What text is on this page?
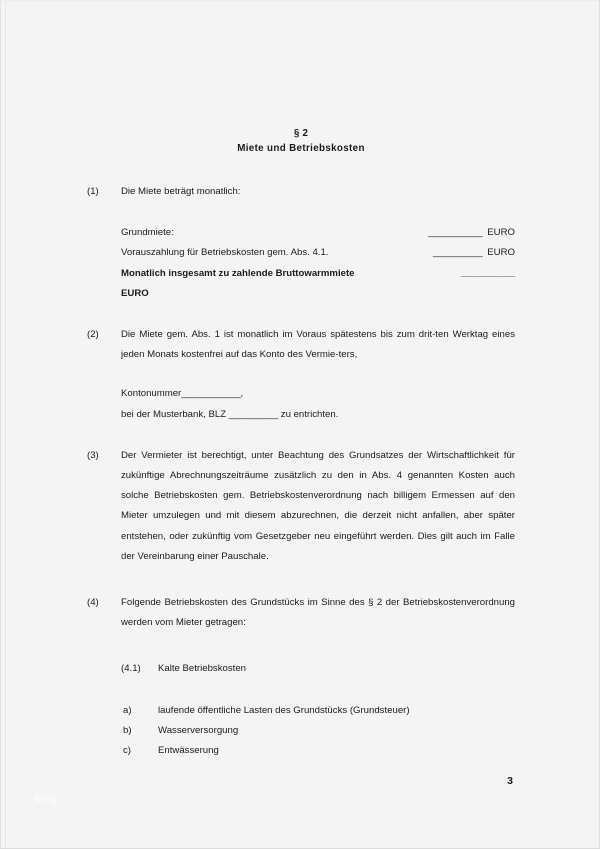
§ 2
Miete und Betriebskosten
(1)	Die Miete beträgt monatlich:
Grundmiete:	___________ EURO
Vorauszahlung für Betriebskosten gem. Abs. 4.1.	__________ EURO
Monatlich insgesamt zu zahlende Bruttowarmmiete	___________
EURO
(2)	Die Miete gem. Abs. 1 ist monatlich im Voraus spätestens bis zum drit-ten Werktag eines jeden Monats kostenfrei auf das Konto des Vermie-ters,
Kontonummer____________,
bei der Musterbank, BLZ __________ zu entrichten.
(3)	Der Vermieter ist berechtigt, unter Beachtung des Grundsatzes der Wirtschaftlichkeit für zukünftige Abrechnungszeiträume zusätzlich zu den in Abs. 4 genannten Kosten auch solche Betriebskosten gem. Betriebskostenverordnung nach billigem Ermessen auf den Mieter umzulegen und mit diesem abzurechnen, die derzeit nicht anfallen, aber später entstehen, oder zukünftig vom Gesetzgeber neu eingeführt werden. Dies gilt auch im Falle der Vereinbarung einer Pauschale.
(4)	Folgende Betriebskosten des Grundstücks im Sinne des § 2 der Betriebskostenverordnung werden vom Mieter getragen:
(4.1)	Kalte Betriebskosten
a)	laufende öffentliche Lasten des Grundstücks (Grundsteuer)
b)	Wasserversorgung
c)	Entwässerung
3
blog
